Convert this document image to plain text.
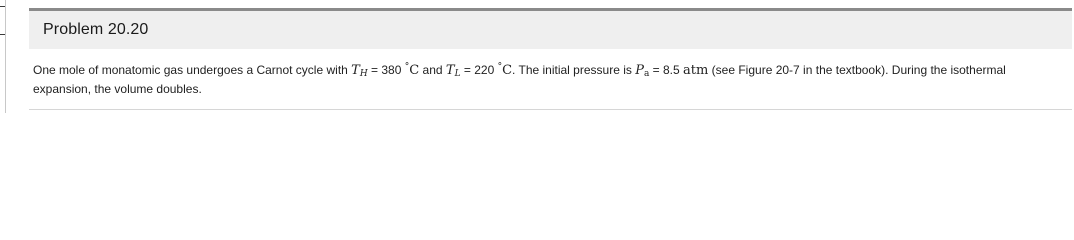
Problem 20.20
One mole of monatomic gas undergoes a Carnot cycle with $T_H = 380$ °C and $T_L = 220$ °C. The initial pressure is $P_a = 8.5$ atm (see Figure 20-7 in the textbook). During the isothermal expansion, the volume doubles.
